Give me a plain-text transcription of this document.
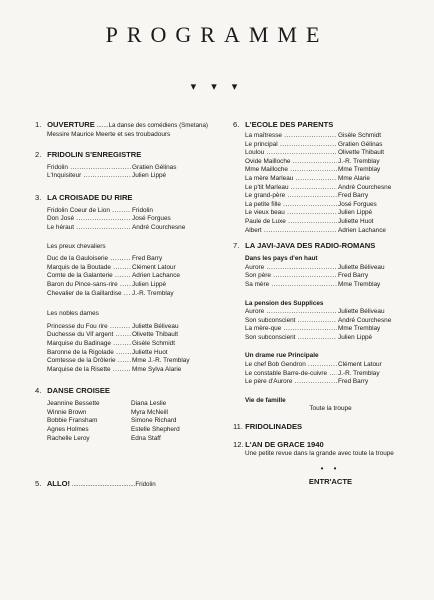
PROGRAMME
▾ ▾ ▾
1. OUVERTURE .......La danse des comédiens (Smetana)
Messire Maurice Meerte et ses troubadours
2. FRIDOLIN S'ENREGISTRE
Fridolin .....	Gratien Gélinas
L'Inquisiteur .....	Julien Lippé
3. LA CROISADE DU RIRE
Fridolin Coeur de Lion .....	Fridolin
Don José .....	José Forgues
Le héraut .....	André Courchesne
Les preux chevaliers
Duc de la Gauloiserie .....	Fred Barry
Marquis de la Boutade .....	Clément Latour
Comte de la Galanterie .....	Adrien Lachance
Baron du Pince-sans-rire .....	Julien Lippé
Chevalier de la Gaillardise .....	J.-R. Tremblay
Les nobles dames
Princesse du Fou rire .....	Juliette Béliveau
Duchesse du Vif argent .....	Olivette Thibault
Marquise du Badinage .....	Gisèle Schmidt
Baronne de la Rigolade .....	Juliette Huot
Comtesse de la Drôlerie .....	Mme J.-R. Tremblay
Marquise de la Risette .....	Mme Sylva Alarie
4. DANSE CROISEE
Jeannine Bessette	Diana Leslie
Winnie Brown	Myra McNeill
Bobbie Fransham	Simone Richard
Agnes Holmes	Estelle Shepherd
Rachelle Leroy	Edna Staff
5. ALLO! .....................................Fridolin
6. L'ECOLE DES PARENTS
La maîtresse .....	Gisèle Schmidt
Le principal .....	Gratien Gélinas
Loulou .....	Olivette Thibault
Ovide Mailloche .....	J.-R. Tremblay
Mme Mailloche .....	Mme Tremblay
La mère Marleau .....	Mme Alarie
Le p'tit Marleau .....	André Courchesne
Le grand-père .....	Fred Barry
La petite fille .....	José Forgues
Le vieux beau .....	Julien Lippé
Paule de Luxe .....	Juliette Huot
Albert .....	Adrien Lachance
7. LA JAVI-JAVA DES RADIO-ROMANS
Dans les pays d'en haut
Aurore .....	Juliette Béliveau
Son père .....	Fred Barry
Sa mère .....	Mme Tremblay
La pension des Supplices
Aurore .....	Juliette Béliveau
Son subconscient .....	André Courchesne
La mère-que .....	Mme Tremblay
Son subconscient .....	Julien Lippé
Un drame rue Principale
Le chef Bob Gendron .....	Clément Latour
Le constable Barre-de-cuivre .....	J.-R. Tremblay
Le père d'Aurore .....	Fred Barry
Vie de famille
Toute la troupe
11. FRIDOLINADES
12. L'AN DE GRACE 1940
Une petite revue dans la grande avec toute la troupe
• •
ENTR'ACTE
